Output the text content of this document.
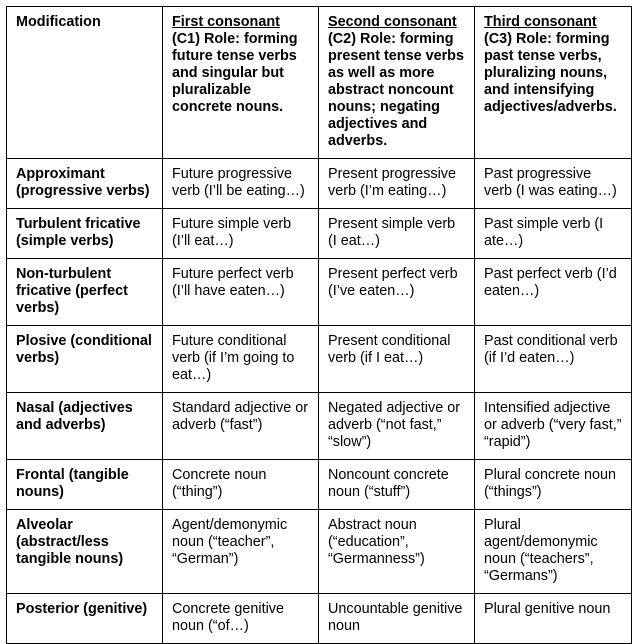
Modification	First consonant (C1) Role: forming future tense verbs and singular but pluralizable concrete nouns.	Second consonant (C2) Role: forming present tense verbs as well as more abstract noncount nouns; negating adjectives and adverbs.	Third consonant (C3) Role: forming past tense verbs, pluralizing nouns, and intensifying adjectives/adverbs.
Approximant (progressive verbs)	Future progressive verb (I’ll be eating…)	Present progressive verb (I’m eating…)	Past progressive verb (I was eating…)
Turbulent fricative (simple verbs)	Future simple verb (I’ll eat…)	Present simple verb (I eat…)	Past simple verb (I ate…)
Non-turbulent fricative (perfect verbs)	Future perfect verb (I’ll have eaten…)	Present perfect verb (I’ve eaten…)	Past perfect verb (I’d eaten…)
Plosive (conditional verbs)	Future conditional verb (if I’m going to eat…)	Present conditional verb (if I eat…)	Past conditional verb (if I’d eaten…)
Nasal (adjectives and adverbs)	Standard adjective or adverb (“fast”)	Negated adjective or adverb (“not fast,” “slow”)	Intensified adjective or adverb (“very fast,” “rapid”)
Frontal (tangible nouns)	Concrete noun (“thing”)	Noncount concrete noun (“stuff”)	Plural concrete noun (“things”)
Alveolar (abstract/less tangible nouns)	Agent/demonymic noun (“teacher”, “German”)	Abstract noun (“education”, “Germanness”)	Plural agent/demonymic noun (“teachers”, “Germans”)
Posterior (genitive)	Concrete genitive noun (“of…)	Uncountable genitive noun	Plural genitive noun
